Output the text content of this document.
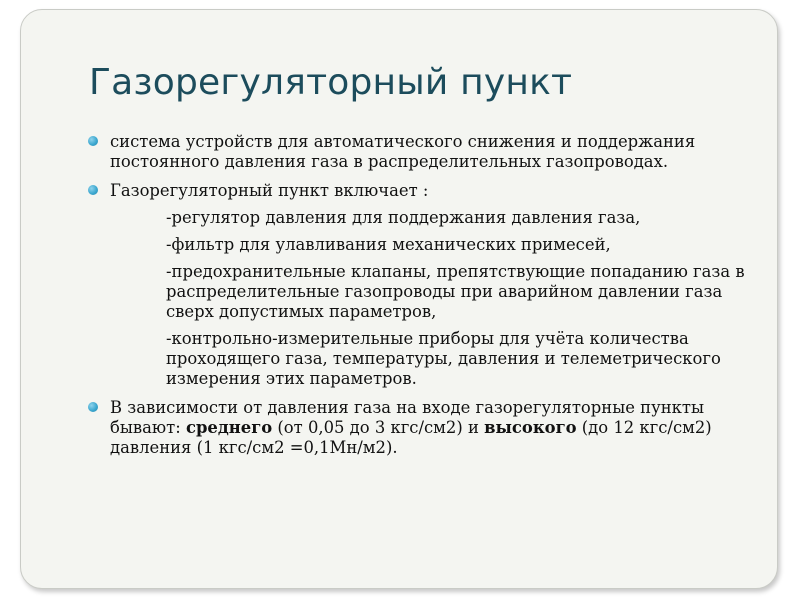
Газорегуляторный пункт
система устройств для автоматического снижения и поддержания постоянного давления газа в распределительных газопроводах.
Газорегуляторный пункт включает :
-регулятор давления для поддержания давления газа,
-фильтр для улавливания механических примесей,
-предохранительные клапаны, препятствующие попаданию газа в распределительные газопроводы при аварийном давлении газа сверх допустимых параметров,
-контрольно-измерительные приборы для учёта количества проходящего газа, температуры, давления и телеметрического измерения этих параметров.
В зависимости от давления газа на входе газорегуляторные пункты бывают: среднего (от 0,05 до 3 кгс/см2) и высокого (до 12 кгс/см2) давления (1 кгс/см2 =0,1Мн/м2).
